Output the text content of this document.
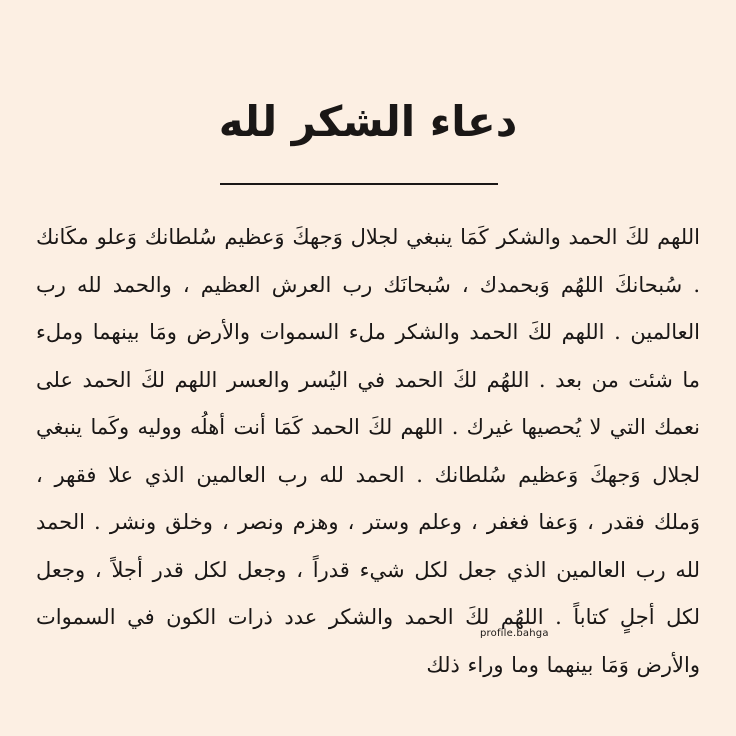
دعاء الشكر لله
اللهم لكَ الحمد والشكر كَمَا ينبغي لجلال وَجهكَ وَعظيم سُلطانك وَعلو مكَانك . سُبحانكَ اللهُم وَبحمدك ، سُبحانَك رب العرش العظيم ، والحمد لله رب العالمين . اللهم لكَ الحمد والشكر ملء السموات والأرض ومَا بينهما وملء ما شئت من بعد . اللهُم لكَ الحمد في اليُسر والعسر اللهم لكَ الحمد على نعمك التي لا يُحصيها غيرك . اللهم لكَ الحمد كَمَا أنت أهلُه ووليه وكَما ينبغي لجلال وَجهكَ وَعظيم سُلطانك . الحمد لله رب العالمين الذي علا فقهر ، وَملك فقدر ، وَعفا فغفر ، وعلم وستر ، وهزم ونصر ، وخلق ونشر . الحمد لله رب العالمين الذي جعل لكل شيء قدراً ، وجعل لكل قدر أجلاً ، وجعل لكل أجلٍ كتاباً . اللهُم لكَ الحمد والشكر عدد ذرات الكون في السموات والأرض وَمَا بينهما وما وراء ذلك
profile.bahga
